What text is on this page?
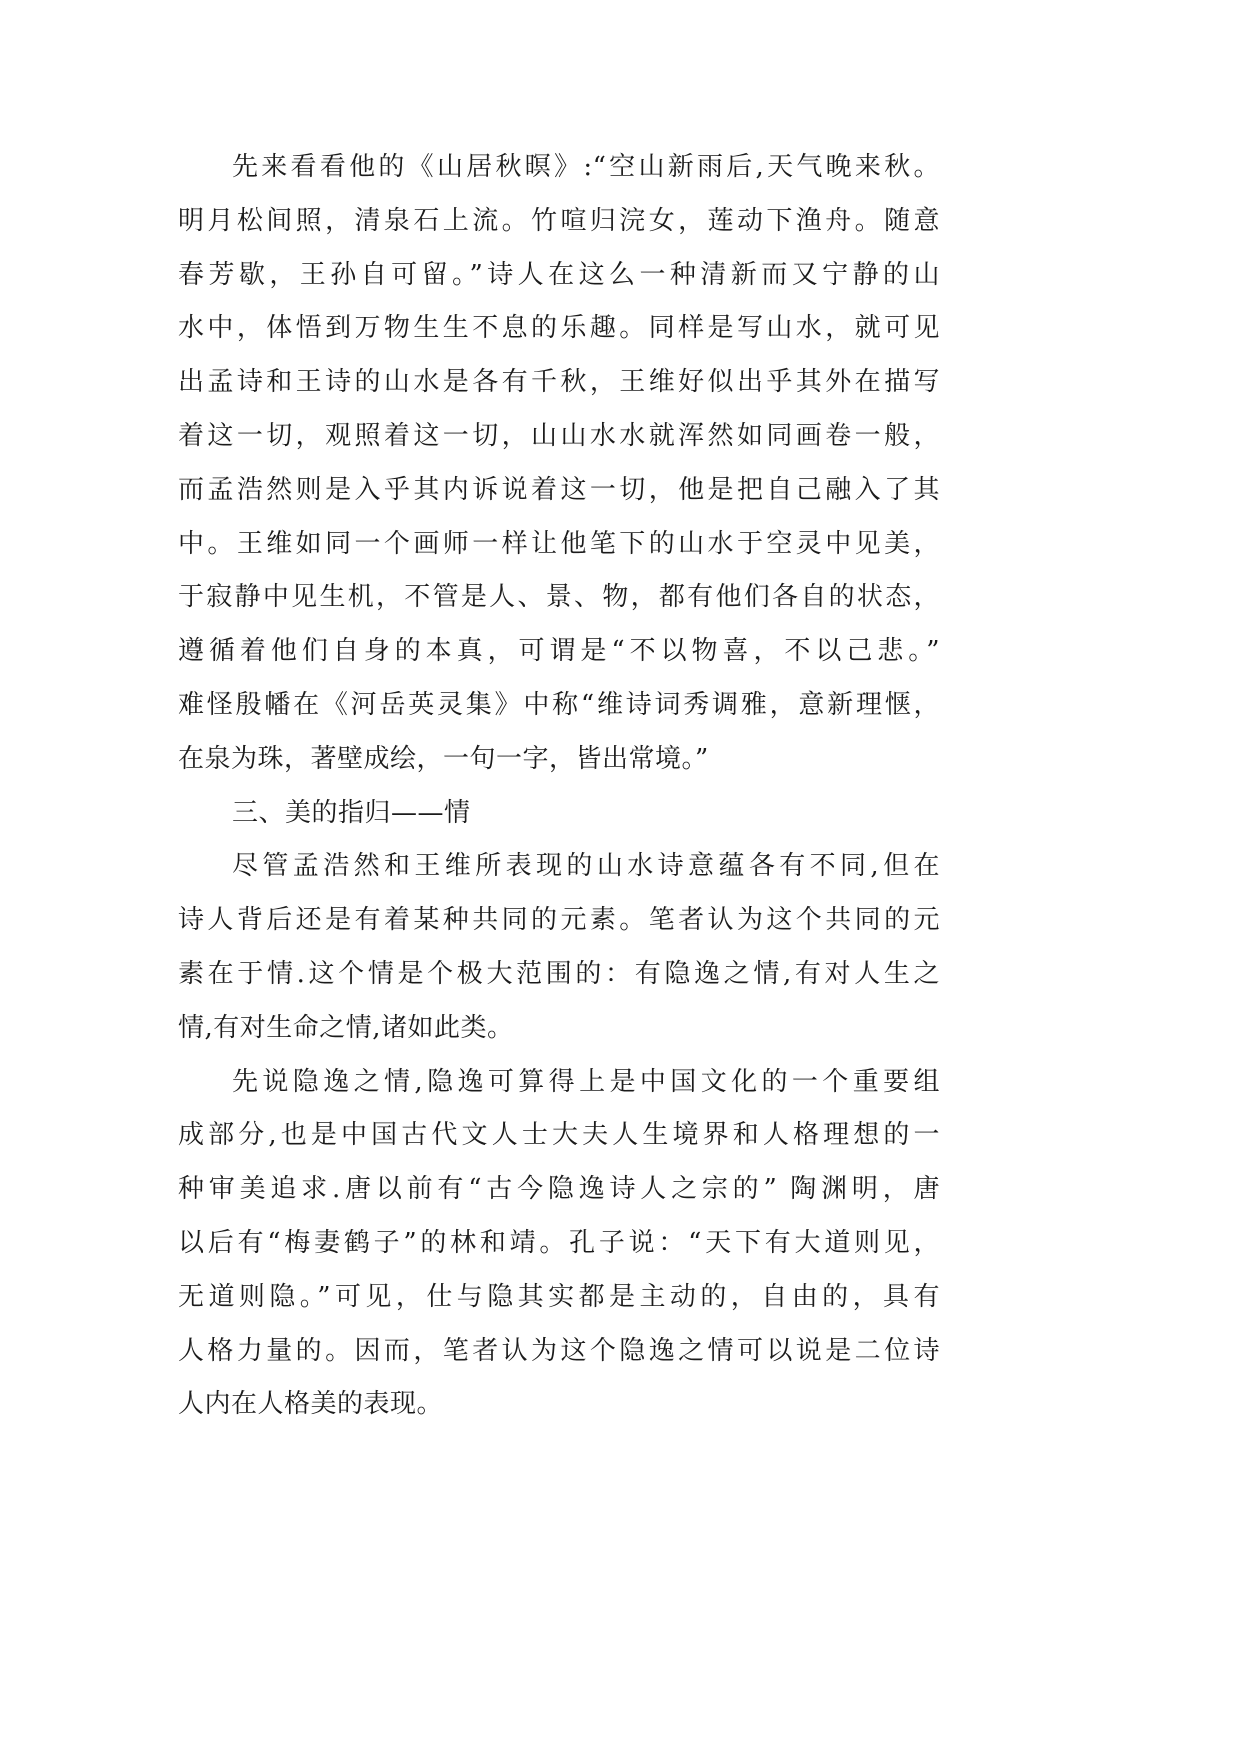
先来看看他的《山居秋暝》:“空山新雨后,天气晚来秋。
明月松间照，清泉石上流。竹喧归浣女，莲动下渔舟。随意
春芳歇，王孙自可留。”诗人在这么一种清新而又宁静的山
水中，体悟到万物生生不息的乐趣。同样是写山水，就可见
出孟诗和王诗的山水是各有千秋，王维好似出乎其外在描写
着这一切，观照着这一切，山山水水就浑然如同画卷一般，
而孟浩然则是入乎其内诉说着这一切，他是把自己融入了其
中。王维如同一个画师一样让他笔下的山水于空灵中见美，
于寂静中见生机，不管是人、景、物，都有他们各自的状态，
遵循着他们自身的本真，可谓是“不以物喜，不以己悲。”
难怪殷幡在《河岳英灵集》中称“维诗词秀调雅，意新理惬，
在泉为珠，著壁成绘，一句一字，皆出常境。”
三、美的指归——情
尽管孟浩然和王维所表现的山水诗意蕴各有不同,但在
诗人背后还是有着某种共同的元素。笔者认为这个共同的元
素在于情.这个情是个极大范围的：有隐逸之情,有对人生之
情,有对生命之情,诸如此类。
先说隐逸之情,隐逸可算得上是中国文化的一个重要组
成部分,也是中国古代文人士大夫人生境界和人格理想的一
种审美追求.唐以前有“古今隐逸诗人之宗的” 陶渊明，唐
以后有“梅妻鹤子”的林和靖。孔子说：“天下有大道则见，
无道则隐。”可见，仕与隐其实都是主动的，自由的，具有
人格力量的。因而，笔者认为这个隐逸之情可以说是二位诗
人内在人格美的表现。
